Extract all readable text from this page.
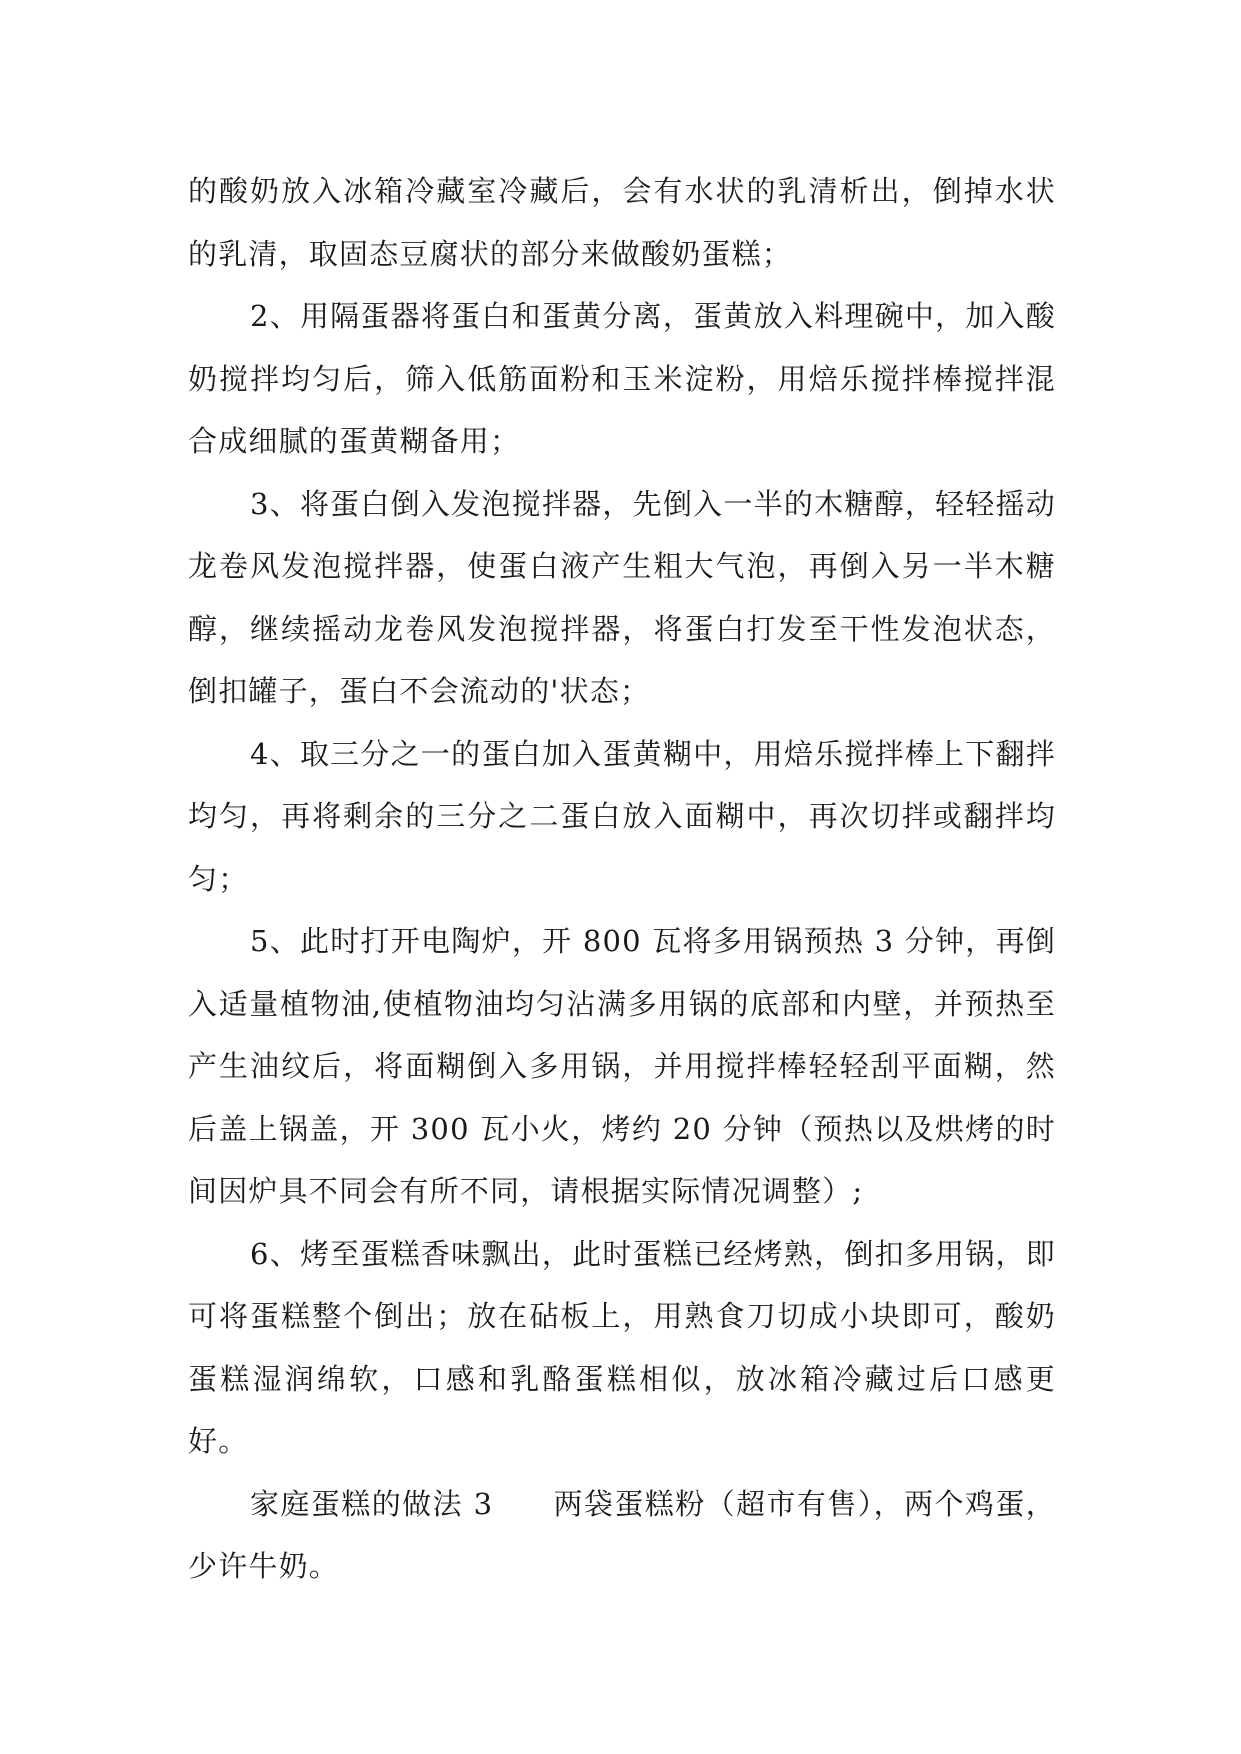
的酸奶放入冰箱冷藏室冷藏后，会有水状的乳清析出，倒掉水状的乳清，取固态豆腐状的部分来做酸奶蛋糕；

2、用隔蛋器将蛋白和蛋黄分离，蛋黄放入料理碗中，加入酸奶搅拌均匀后，筛入低筋面粉和玉米淀粉，用焙乐搅拌棒搅拌混合成细腻的蛋黄糊备用；

3、将蛋白倒入发泡搅拌器，先倒入一半的木糖醇，轻轻摇动龙卷风发泡搅拌器，使蛋白液产生粗大气泡，再倒入另一半木糖醇，继续摇动龙卷风发泡搅拌器，将蛋白打发至干性发泡状态，倒扣罐子，蛋白不会流动的'状态；

4、取三分之一的蛋白加入蛋黄糊中，用焙乐搅拌棒上下翻拌均匀，再将剩余的三分之二蛋白放入面糊中，再次切拌或翻拌均匀；

5、此时打开电陶炉，开 800 瓦将多用锅预热 3 分钟，再倒入适量植物油,使植物油均匀沾满多用锅的底部和内壁，并预热至产生油纹后，将面糊倒入多用锅，并用搅拌棒轻轻刮平面糊，然后盖上锅盖，开 300 瓦小火，烤约 20 分钟（预热以及烘烤的时间因炉具不同会有所不同，请根据实际情况调整）;

6、烤至蛋糕香味飘出，此时蛋糕已经烤熟，倒扣多用锅，即可将蛋糕整个倒出；放在砧板上，用熟食刀切成小块即可，酸奶蛋糕湿润绵软，口感和乳酪蛋糕相似，放冰箱冷藏过后口感更好。

家庭蛋糕的做法 3 两袋蛋糕粉（超市有售），两个鸡蛋，少许牛奶。
